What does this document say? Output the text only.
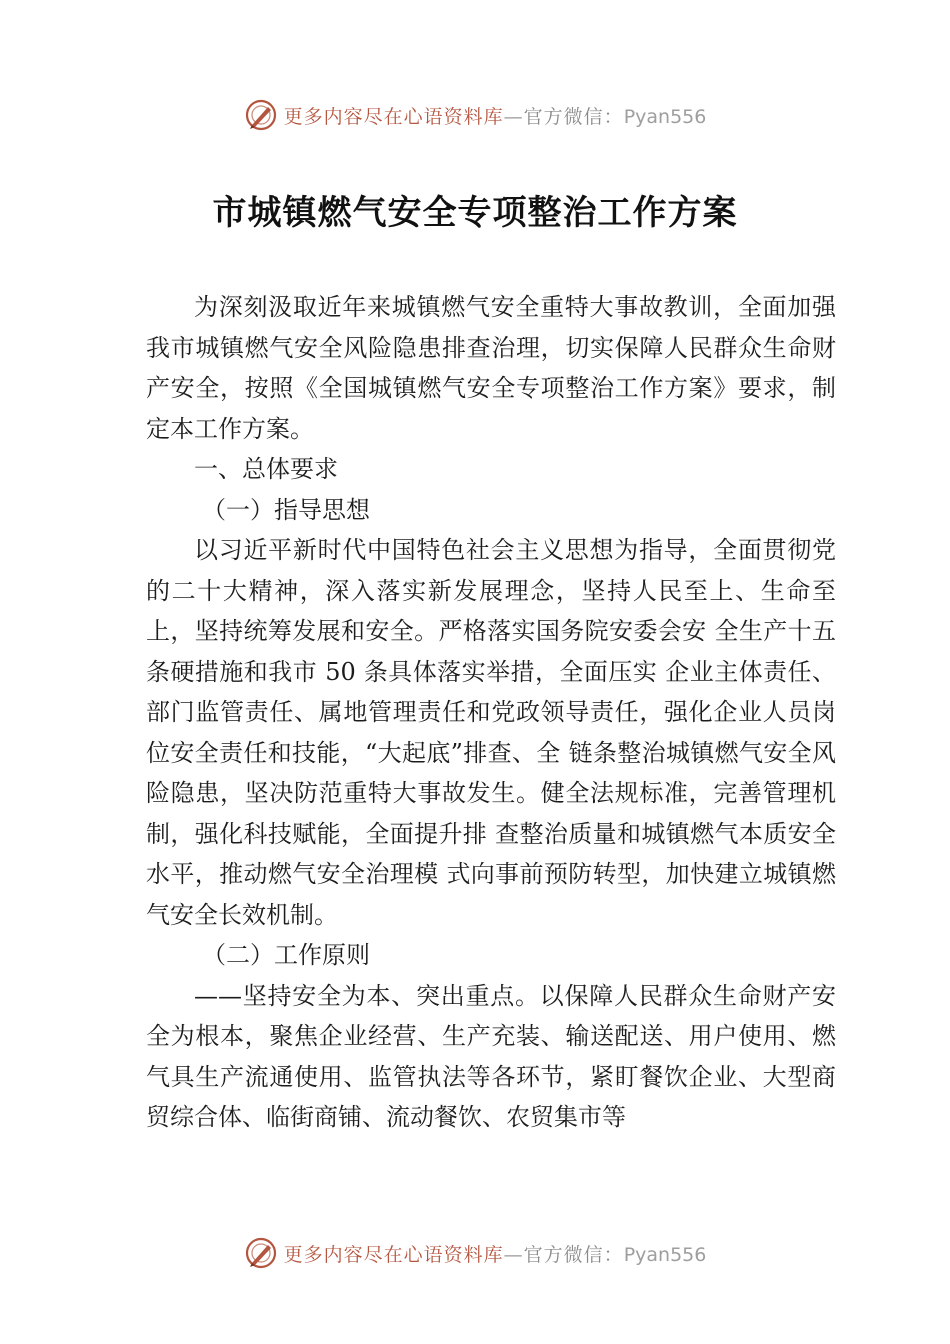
更多内容尽在心语资料库—官方微信：Pyan556
市城镇燃气安全专项整治工作方案

为深刻汲取近年来城镇燃气安全重特大事故教训，全面加强我市城镇燃气安全风险隐患排查治理，切实保障人民群众生命财产安全，按照《全国城镇燃气安全专项整治工作方案》要求，制定本工作方案。

一、总体要求

（一）指导思想

以习近平新时代中国特色社会主义思想为指导，全面贯彻党的二十大精神，深入落实新发展理念，坚持人民至上、生命至上，坚持统筹发展和安全。严格落实国务院安委会安 全生产十五条硬措施和我市 50 条具体落实举措，全面压实 企业主体责任、部门监管责任、属地管理责任和党政领导责任，强化企业人员岗位安全责任和技能，“大起底”排查、全 链条整治城镇燃气安全风险隐患，坚决防范重特大事故发生。健全法规标准，完善管理机制，强化科技赋能，全面提升排 查整治质量和城镇燃气本质安全水平，推动燃气安全治理模 式向事前预防转型，加快建立城镇燃气安全长效机制。

（二）工作原则

——坚持安全为本、突出重点。以保障人民群众生命财产安全为根本，聚焦企业经营、生产充装、输送配送、用户使用、燃气具生产流通使用、监管执法等各环节，紧盯餐饮企业、大型商贸综合体、临街商铺、流动餐饮、农贸集市等

更多内容尽在心语资料库—官方微信：Pyan556
